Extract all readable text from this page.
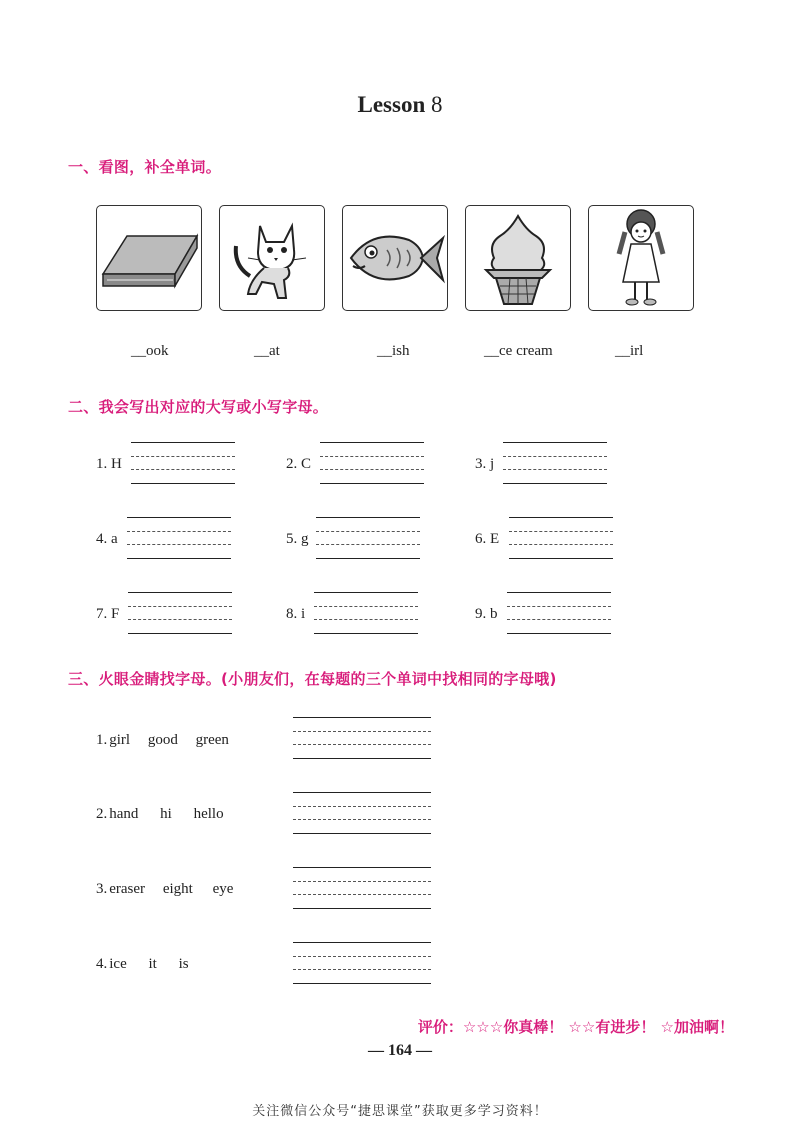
Lesson 8
一、看图，补全单词。
__ook	__at	__ish	__ce cream	__irl
二、我会写出对应的大写或小写字母。
1. H	2. C	3. j
4. a	5. g	6. E
7. F	8. i	9. b
三、火眼金睛找字母。(小朋友们，在每题的三个单词中找相同的字母哦)
1. girl good green
2. hand hi hello
3. eraser eight eye
4. ice it is
评价：☆☆☆你真棒！ ☆☆有进步！ ☆加油啊！
— 164 —
关注微信公众号“捷思课堂”获取更多学习资料！
